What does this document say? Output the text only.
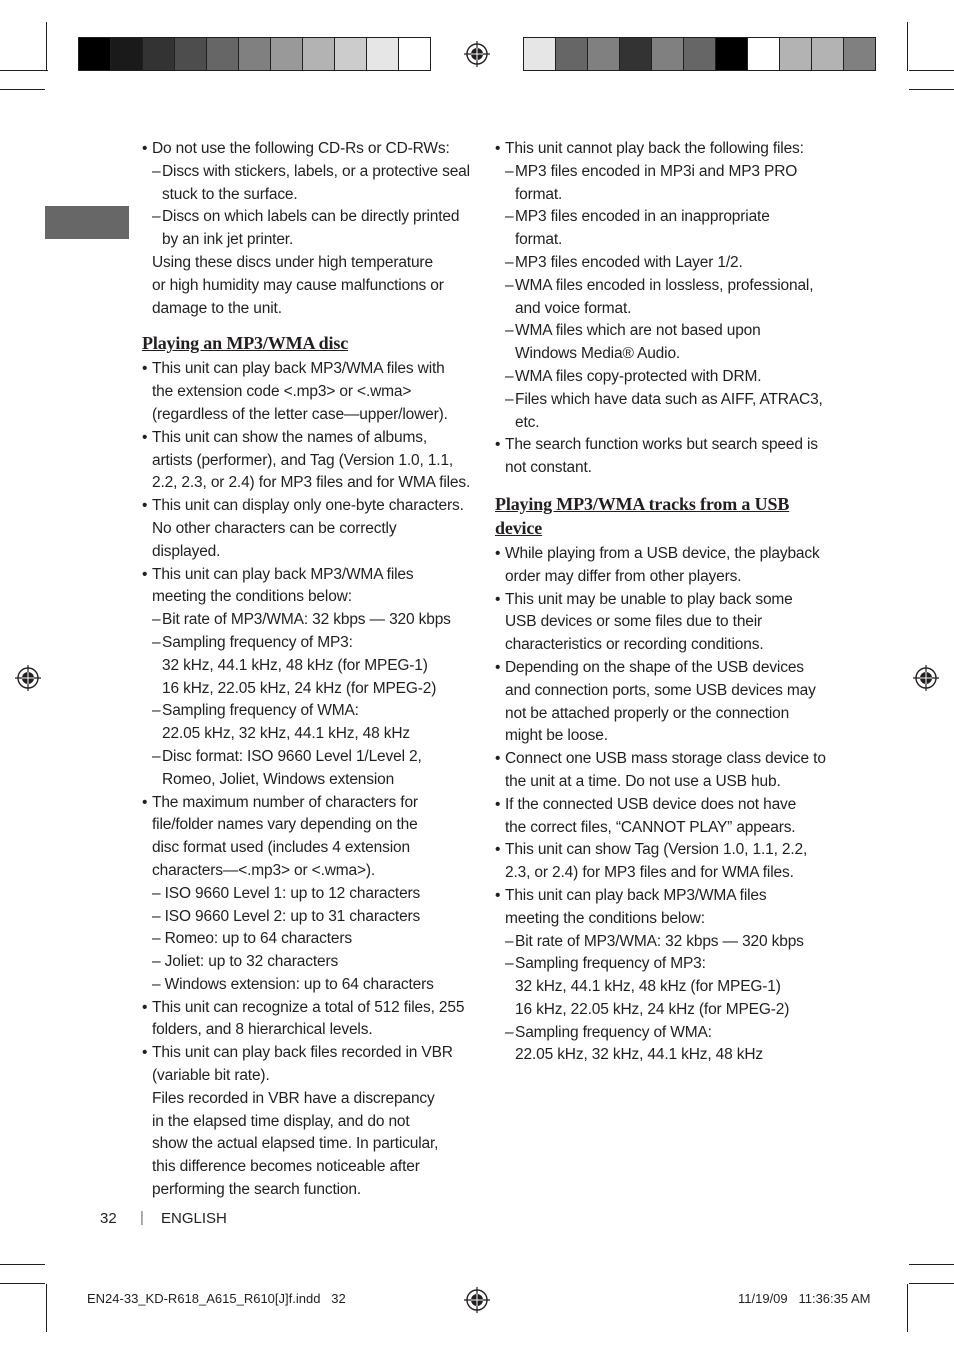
• Do not use the following CD-Rs or CD-RWs:

– Discs with stickers, labels, or a protective seal

stuck to the surface.

– Discs on which labels can be directly printed

by an ink jet printer.

Using these discs under high temperature

or high humidity may cause malfunctions or

damage to the unit.

Playing an MP3/WMA disc

• This unit can play back MP3/WMA files with

the extension code <.mp3> or <.wma>

(regardless of the letter case—upper/lower).

• This unit can show the names of albums,

artists (performer), and Tag (Version 1.0, 1.1,

2.2, 2.3, or 2.4) for MP3 files and for WMA files.

• This unit can display only one-byte characters.

No other characters can be correctly

displayed.

• This unit can play back MP3/WMA files

meeting the conditions below:

– Bit rate of MP3/WMA: 32 kbps — 320 kbps

– Sampling frequency of MP3:

32 kHz, 44.1 kHz, 48 kHz (for MPEG-1)

16 kHz, 22.05 kHz, 24 kHz (for MPEG-2)

– Sampling frequency of WMA:

22.05 kHz, 32 kHz, 44.1 kHz, 48 kHz

– Disc format: ISO 9660 Level 1/Level 2,

Romeo, Joliet, Windows extension

• The maximum number of characters for

file/folder names vary depending on the

disc format used (includes 4 extension

characters—<.mp3> or <.wma>).

– ISO 9660 Level 1: up to 12 characters

– ISO 9660 Level 2: up to 31 characters

– Romeo: up to 64 characters

– Joliet: up to 32 characters

– Windows extension: up to 64 characters

• This unit can recognize a total of 512 files, 255

folders, and 8 hierarchical levels.

• This unit can play back files recorded in VBR

(variable bit rate).

Files recorded in VBR have a discrepancy

in the elapsed time display, and do not

show the actual elapsed time. In particular,

this difference becomes noticeable after

performing the search function.

• This unit cannot play back the following files:

– MP3 files encoded in MP3i and MP3 PRO

format.

– MP3 files encoded in an inappropriate

format.

– MP3 files encoded with Layer 1/2.

– WMA files encoded in lossless, professional,

and voice format.

– WMA files which are not based upon

Windows Media® Audio.

– WMA files copy-protected with DRM.

– Files which have data such as AIFF, ATRAC3,

etc.

• The search function works but search speed is

not constant.

Playing MP3/WMA tracks from a USB
device

• While playing from a USB device, the playback

order may differ from other players.

• This unit may be unable to play back some

USB devices or some files due to their

characteristics or recording conditions.

• Depending on the shape of the USB devices

and connection ports, some USB devices may

not be attached properly or the connection

might be loose.

• Connect one USB mass storage class device to

the unit at a time. Do not use a USB hub.

• If the connected USB device does not have

the correct files, “CANNOT PLAY” appears.

• This unit can show Tag (Version 1.0, 1.1, 2.2,

2.3, or 2.4) for MP3 files and for WMA files.

• This unit can play back MP3/WMA files

meeting the conditions below:

– Bit rate of MP3/WMA: 32 kbps — 320 kbps

– Sampling frequency of MP3:

32 kHz, 44.1 kHz, 48 kHz (for MPEG-1)

16 kHz, 22.05 kHz, 24 kHz (for MPEG-2)

– Sampling frequency of WMA:

22.05 kHz, 32 kHz, 44.1 kHz, 48 kHz

32 | ENGLISH
EN24-33_KD-R618_A615_R610[J]f.indd   32	11/19/09   11:36:35 AM
